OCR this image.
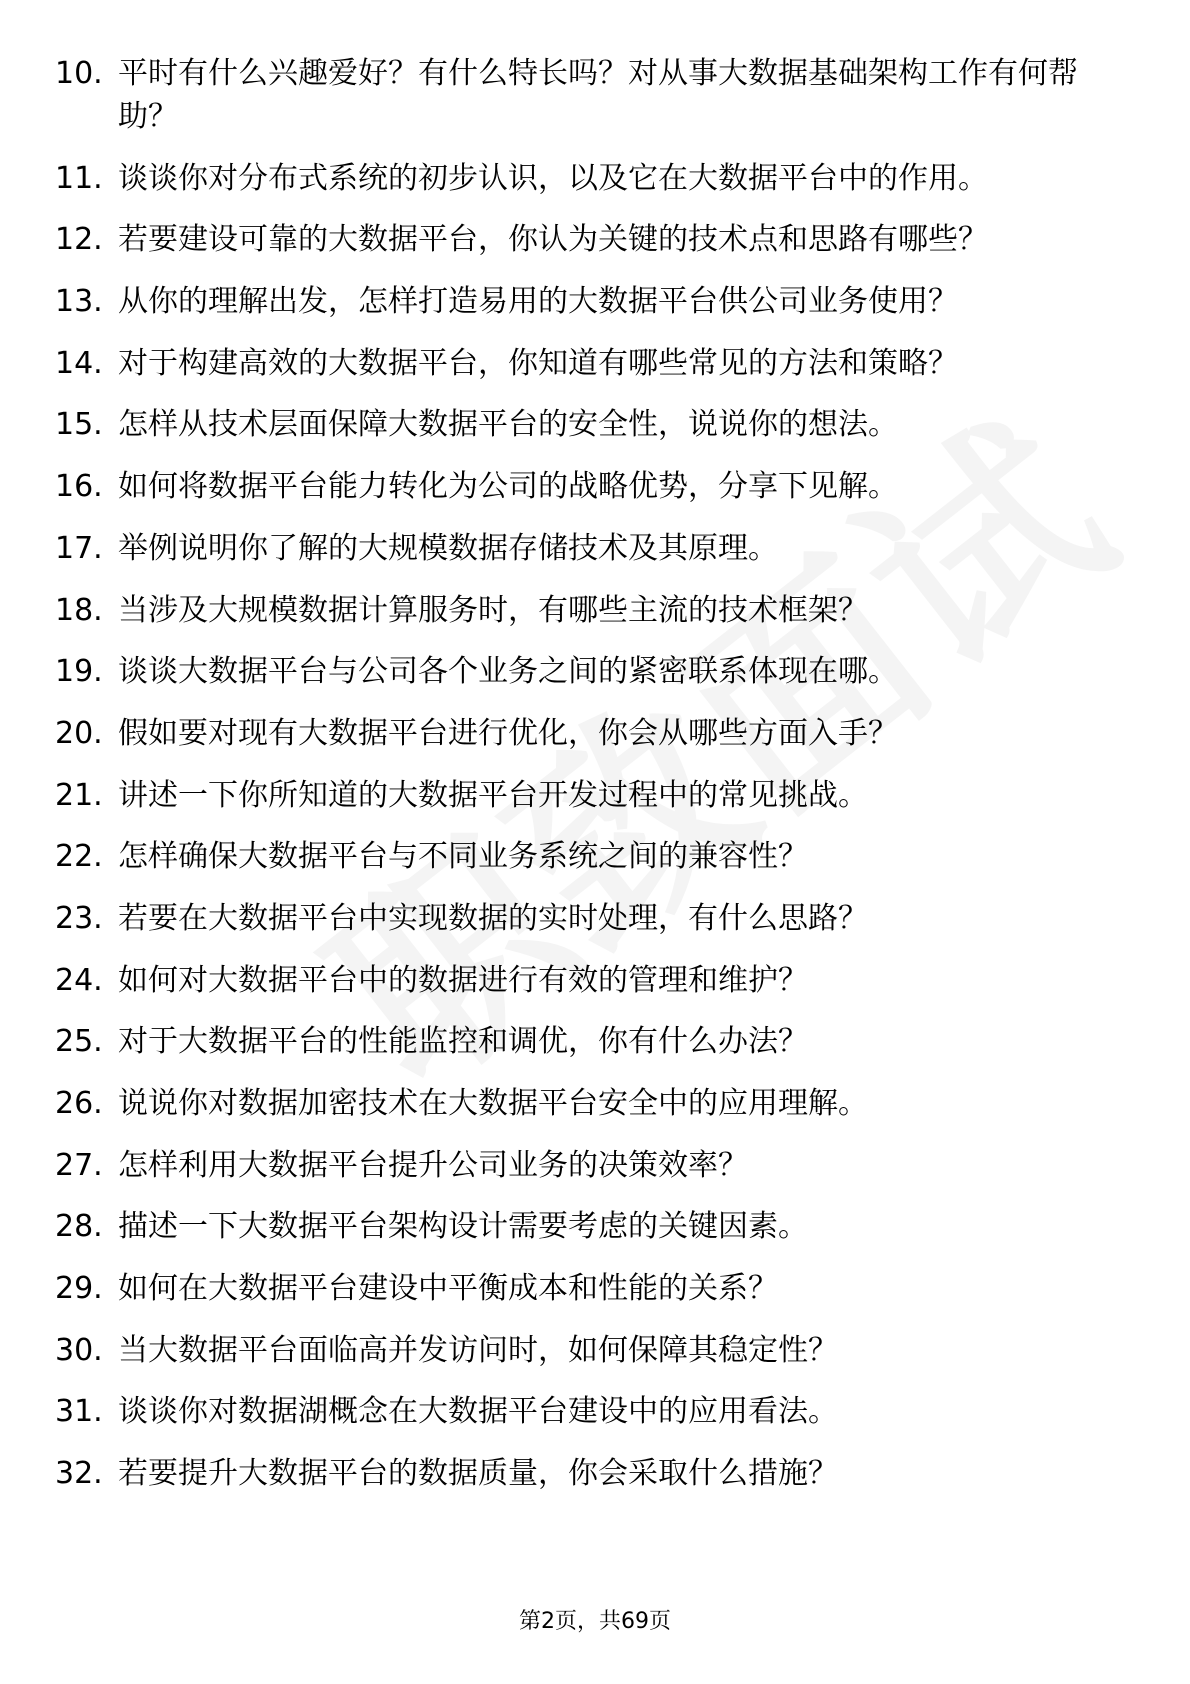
10. 平时有什么兴趣爱好？有什么特长吗？对从事大数据基础架构工作有何帮助？
11. 谈谈你对分布式系统的初步认识，以及它在大数据平台中的作用。
12. 若要建设可靠的大数据平台，你认为关键的技术点和思路有哪些？
13. 从你的理解出发，怎样打造易用的大数据平台供公司业务使用？
14. 对于构建高效的大数据平台，你知道有哪些常见的方法和策略？
15. 怎样从技术层面保障大数据平台的安全性，说说你的想法。
16. 如何将数据平台能力转化为公司的战略优势，分享下见解。
17. 举例说明你了解的大规模数据存储技术及其原理。
18. 当涉及大规模数据计算服务时，有哪些主流的技术框架？
19. 谈谈大数据平台与公司各个业务之间的紧密联系体现在哪。
20. 假如要对现有大数据平台进行优化，你会从哪些方面入手？
21. 讲述一下你所知道的大数据平台开发过程中的常见挑战。
22. 怎样确保大数据平台与不同业务系统之间的兼容性？
23. 若要在大数据平台中实现数据的实时处理，有什么思路？
24. 如何对大数据平台中的数据进行有效的管理和维护？
25. 对于大数据平台的性能监控和调优，你有什么办法？
26. 说说你对数据加密技术在大数据平台安全中的应用理解。
27. 怎样利用大数据平台提升公司业务的决策效率？
28. 描述一下大数据平台架构设计需要考虑的关键因素。
29. 如何在大数据平台建设中平衡成本和性能的关系？
30. 当大数据平台面临高并发访问时，如何保障其稳定性？
31. 谈谈你对数据湖概念在大数据平台建设中的应用看法。
32. 若要提升大数据平台的数据质量，你会采取什么措施？
第2页，共69页
